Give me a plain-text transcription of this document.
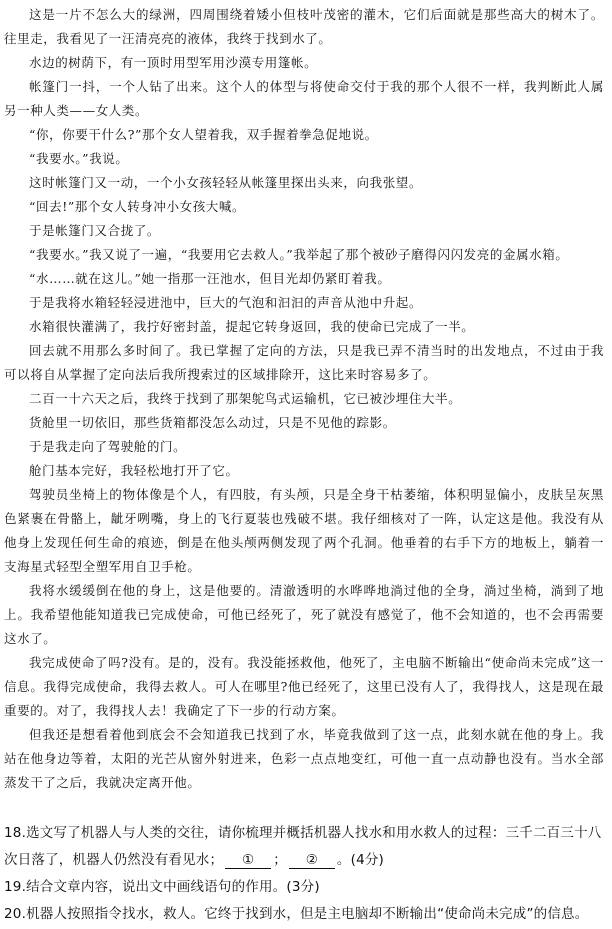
这是一片不怎么大的绿洲，四周围绕着矮小但枝叶茂密的灌木，它们后面就是那些高大的树木了。往里走，我看见了一汪清亮亮的液体，我终于找到水了。

水边的树荫下，有一顶时用型军用沙漠专用篷帐。

帐篷门一抖，一个人钻了出来。这个人的体型与将使命交付于我的那个人很不一样，我判断此人属另一种人类——女人类。

“你，你要干什么?”那个女人望着我，双手握着拳急促地说。

“我要水。”我说。

这时帐篷门又一动，一个小女孩轻轻从帐篷里探出头来，向我张望。

“回去!”那个女人转身冲小女孩大喊。

于是帐篷门又合拢了。

“我要水。”我又说了一遍，“我要用它去救人。”我举起了那个被砂子磨得闪闪发亮的金属水箱。

“水……就在这儿。”她一指那一汪池水，但目光却仍紧盯着我。

于是我将水箱轻轻浸进池中，巨大的气泡和汩汩的声音从池中升起。

水箱很快灌满了，我拧好密封盖，提起它转身返回，我的使命已完成了一半。

回去就不用那么多时间了。我已掌握了定向的方法，只是我已弄不清当时的出发地点，不过由于我可以将自从掌握了定向法后我所搜索过的区域排除开，这比来时容易多了。

二百一十六天之后，我终于找到了那架鸵鸟式运输机，它已被沙埋住大半。

货舱里一切依旧，那些货箱都没怎么动过，只是不见他的踪影。

于是我走向了驾驶舱的门。

舱门基本完好，我轻松地打开了它。

驾驶员坐椅上的物体像是个人，有四肢，有头颅，只是全身干枯萎缩，体积明显偏小，皮肤呈灰黑色紧裹在骨骼上，龇牙咧嘴，身上的飞行夏装也残破不堪。我仔细核对了一阵，认定这是他。我没有从他身上发现任何生命的痕迹，倒是在他头颅两侧发现了两个孔洞。他垂着的右手下方的地板上，躺着一支海星式轻型全塑军用自卫手枪。

我将水缓缓倒在他的身上，这是他要的。清澈透明的水哗哗地淌过他的全身，淌过坐椅，淌到了地上。我希望他能知道我已完成使命，可他已经死了，死了就没有感觉了，他不会知道的，也不会再需要这水了。

我完成使命了吗?没有。是的，没有。我没能拯救他，他死了，主电脑不断输出“使命尚未完成”这一信息。我得完成使命，我得去救人。可人在哪里?他已经死了，这里已没有人了，我得找人，这是现在最重要的。对了，我得找人去！我确定了下一步的行动方案。

但我还是想看着他到底会不会知道我已找到了水，毕竟我做到了这一点，此刻水就在他的身上。我站在他身边等着，太阳的光芒从窗外射进来，色彩一点点地变红，可他一直一点动静也没有。当水全部蒸发干了之后，我就决定离开他。

18.选文写了机器人与人类的交往，请你梳理并概括机器人找水和用水救人的过程：三千二百三十八次日落了，机器人仍然没有看见水； ① ； ② 。(4分)
19.结合文章内容，说出文中画线语句的作用。(3分)
20.机器人按照指令找水，救人。它终于找到水，但是主电脑却不断输出“使命尚未完成”的信息。
